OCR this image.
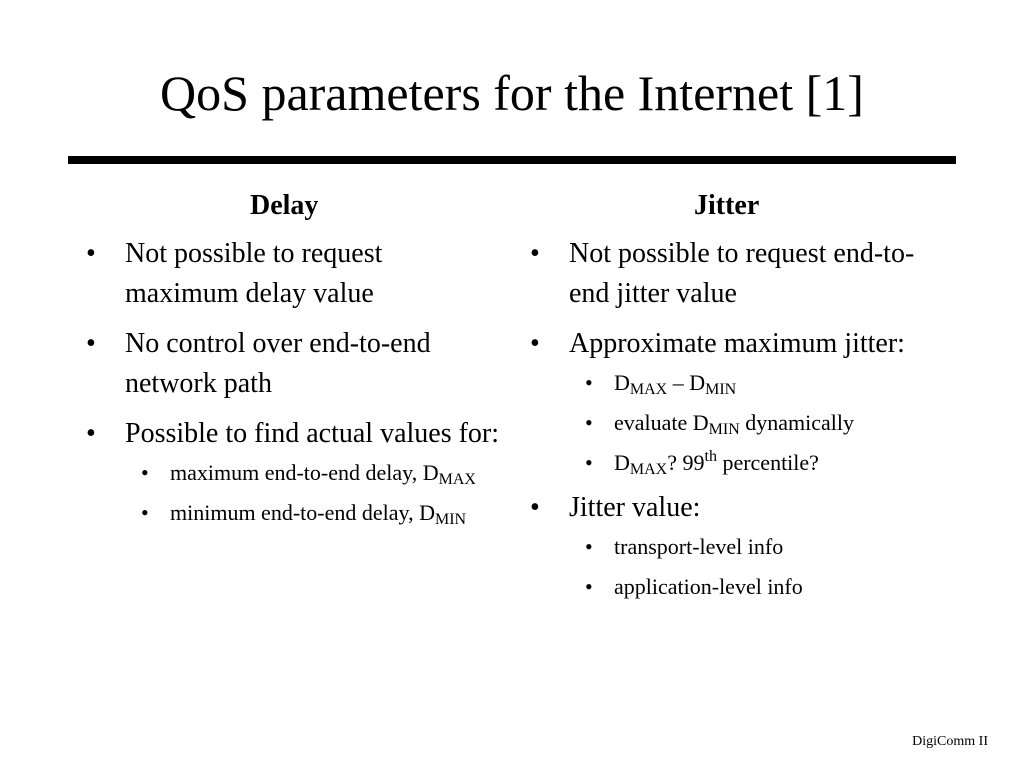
QoS parameters for the Internet [1]
Delay
• Not possible to request maximum delay value
• No control over end-to-end network path
• Possible to find actual values for:
• maximum end-to-end delay, $D_{MAX}$
• minimum end-to-end delay, $D_{MIN}$
Jitter
• Not possible to request end-to-end jitter value
• Approximate maximum jitter:
• $D_{MAX} - D_{MIN}$
• evaluate $D_{MIN}$ dynamically
• $D_{MAX}$? 99th percentile?
• Jitter value:
• transport-level info
• application-level info
DigiComm II
